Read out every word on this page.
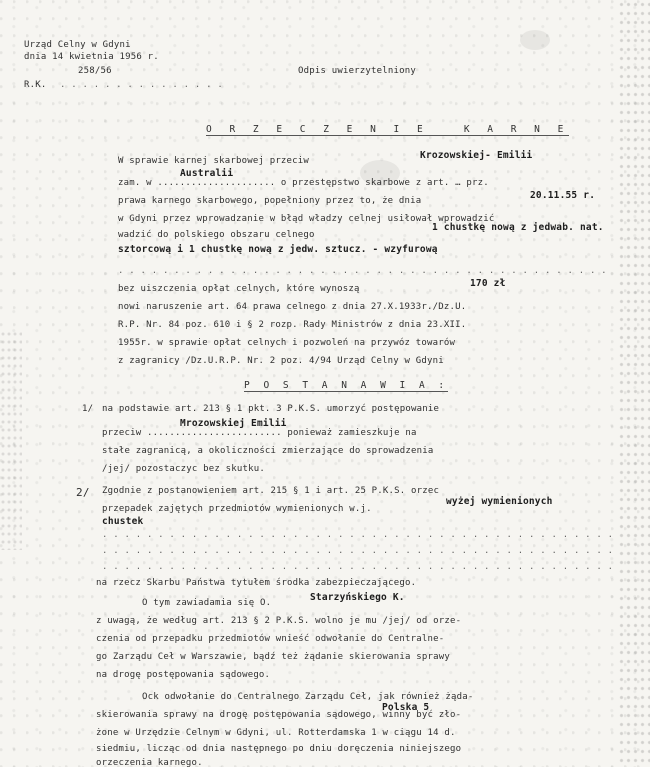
Urząd Celny w Gdyni
dnia 14 kwietnia 1956 r.
258/56
R.K. . . . . . . . . . . . . . . .
Odpis uwierzytelniony
O R Z E C Z E N I E   K A R N E
W sprawie karnej skarbowej przeciw	Krozowskiej- Emilii
Australii
zam. w ..................... o przestępstwo skarbowe z art. … prz.
prawa karnego skarbowego, popełniony przez to, że dnia	20.11.55 r.
w Gdyni przez wprowadzanie w błąd władzy celnej usiłował wprowadzić
1 chustkę nową z jedwab. nat.
wadzić do polskiego obszaru celnego
sztorcową i 1 chustkę nową z jedw. sztucz. - wzyfurową
. . . . . . . . . . . . . . . . . . . . . . . . . . . . . . . . . . . . . . . . . . . .
bez uiszczenia opłat celnych, które wynoszą	170 zł
nowi naruszenie art. 64 prawa celnego z dnia 27.X.1933r./Dz.U.
R.P. Nr. 84 poz. 610 i § 2 rozp. Rady Ministrów z dnia 23.XII.
1955r. w sprawie opłat celnych i pozwoleń na przywóz towarów
z zagranicy /Dz.U.R.P. Nr. 2 poz. 4/94 Urząd Celny w Gdyni
P O S T A N A W I A :
1/ na podstawie art. 213 § 1 pkt. 3 P.K.S. umorzyć postępowanie
Mrozowskiej Emilii
przeciw ........................ ponieważ zamieszkuje na
stałe zagranicą, a okoliczności zmierzające do sprowadzenia
/jej/ pozostaczyc bez skutku.
2/ Zgodnie z postanowieniem art. 215 § 1 i art. 25 P.K.S. orzec
wyżej wymienionych
przepadek zajętych przedmiotów wymienionych w.j.
chustek
. . . . . . . . . . . . . . . . . . . . . . . . . . . . . . . . . . . . . . . . . . . . . .
. . . . . . . . . . . . . . . . . . . . . . . . . . . . . . . . . . . . . . . . . . . . . .
. . . . . . . . . . . . . . . . . . . . . . . . . . . . . . . . . . . . . . . . . . . . . .
na rzecz Skarbu Państwa tytułem środka zabezpieczającego.
O tym zawiadamia się O.	Starzyńskiego K.
z uwagą, że według art. 213 § 2 P.K.S. wolno je mu /jej/ od orze-
czenia od przepadku przedmiotów wnieść odwołanie do Centralne-
go Zarządu Ceł w Warszawie, bądź też żądanie skierowania sprawy
na drogę postępowania sądowego.
Ock odwołanie do Centralnego Zarządu Ceł, jak również żąda-
skierowania sprawy na drogę postępowania sądowego, winny być zło-
Polska 5
żone w Urzędzie Celnym w Gdyni, ul. Rotterdamska 1 w ciągu 14 d.
siedmiu, licząc od dnia następnego po dniu doręczenia niniejszego
orzeczenia karnego.
